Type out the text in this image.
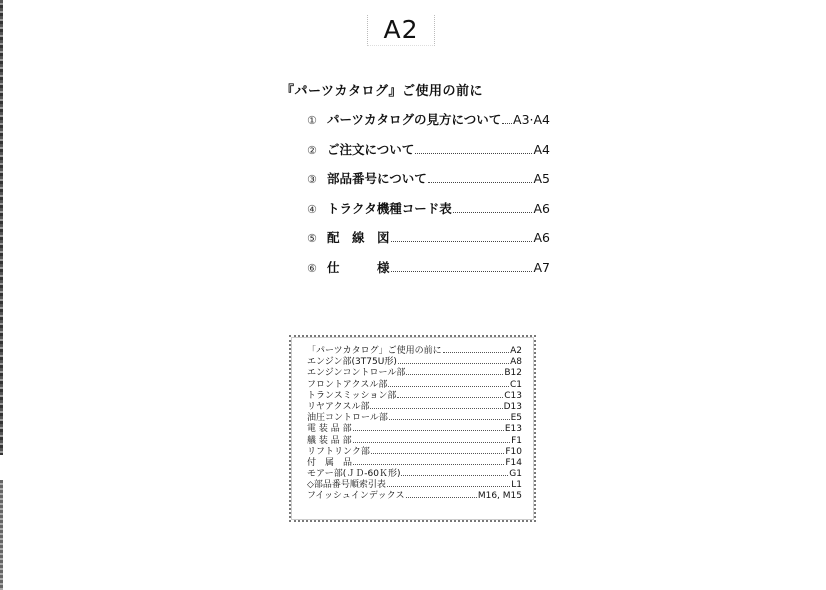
A2
『パーツカタログ』ご使用の前に
① パーツカタログの見方について A3·A4
② ご注文について	A4
③ 部品番号について	A5
④ トラクタ機種コード表	A6
⑤ 配　線　図	A6
⑥ 仕　　　様	A7
「パーツカタログ」ご使用の前に	A2
エンジン部(3T75U形)	A8
エンジンコントロール部	B12
フロントアクスル部	C1
トランスミッション部	C13
リヤアクスル部	D13
油圧コントロール部	E5
電 装 品 部	E13
艤 装 品 部	F1
リフトリンク部	F10
付　属　品	F14
モアー部(ＪＤ-60Ｋ形)	G1
◇部品番号順索引表	L1
フイッシュインデックス	M16, M15
